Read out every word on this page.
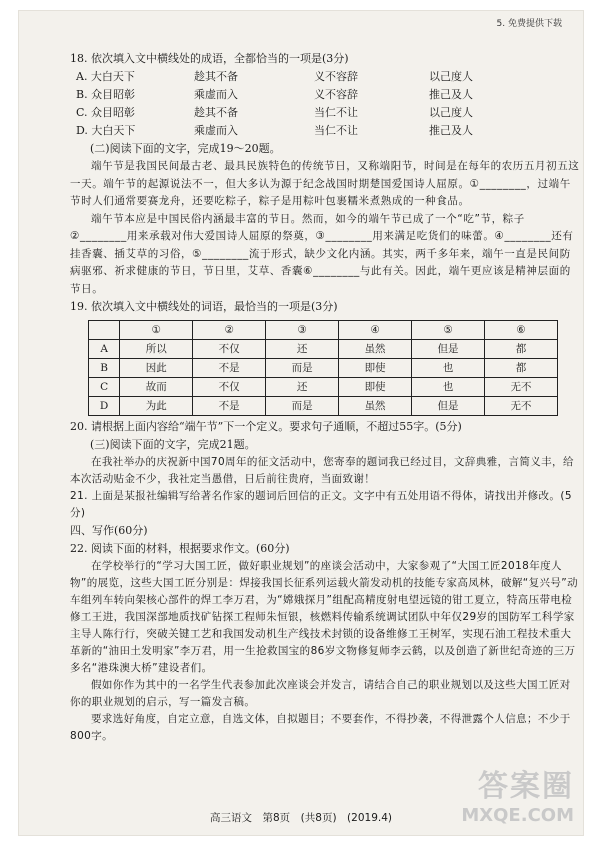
5. 免费提供下载
18. 依次填入文中横线处的成语，全都恰当的一项是(3分)
A. 大白天下	趁其不备	义不容辞	以己度人
B. 众目昭彰	乘虚而入	义不容辞	推己及人
C. 众目昭彰	趁其不备	当仁不让	以己度人
D. 大白天下	乘虚而入	当仁不让	推己及人
(二)阅读下面的文字，完成19～20题。
端午节是我国民间最古老、最具民族特色的传统节日，又称端阳节，时间是在每年的农历五月初五这一天。端午节的起源说法不一，但大多认为源于纪念战国时期楚国爱国诗人屈原。①________，过端午节时人们通常要赛龙舟，还要吃粽子，粽子是用粽叶包裹糯米煮熟成的一种食品。
端午节本应是中国民俗内涵最丰富的节日。然而，如今的端午节已成了一个“吃”节，粽子②________用来承载对伟大爱国诗人屈原的祭奠，③________用来满足吃货们的味蕾。④________还有挂香囊、插艾草的习俗，⑤________流于形式，缺少文化内涵。其实，两千多年来，端午一直是民间防病驱邪、祈求健康的节日，节日里，艾草、香囊⑥________与此有关。因此，端午更应该是精神层面的节日。
19. 依次填入文中横线处的词语，最恰当的一项是(3分)
	①	②	③	④	⑤	⑥
A	所以	不仅	还	虽然	但是	都
B	因此	不是	而是	即使	也	都
C	故而	不仅	还	即使	也	无不
D	为此	不是	而是	虽然	但是	无不
20. 请根据上面内容给“端午节”下一个定义。要求句子通顺，不超过55字。(5分)
(三)阅读下面的文字，完成21题。
在我社举办的庆祝新中国70周年的征文活动中，您寄奉的题词我已经过目，文辞典雅，言简义丰，给本次活动贴金不少，我社定当愚借，日后前往贵府，当面致谢！
21. 上面是某报社编辑写给著名作家的题词后回信的正文。文字中有五处用语不得体，请找出并修改。(5分)
四、写作(60分)
22. 阅读下面的材料，根据要求作文。(60分)
在学校举行的“学习大国工匠，做好职业规划”的座谈会活动中，大家参观了“大国工匠2018年度人物”的展览，这些大国工匠分别是：焊接我国长征系列运载火箭发动机的技能专家高凤林，破解“复兴号”动车组列车转向架核心部件的焊工李万君，为“嫦娥探月”组配高精度射电望远镜的钳工夏立，特高压带电检修工王进，我国深部地质找矿钻探工程师朱恒银，核燃料传输系统调试团队中年仅29岁的国防军工科学家主导人陈行行，突破关键工艺和我国发动机生产线技术封锁的设备维修工王树军，实现石油工程技术重大革新的“油田土发明家”李万君，用一生抢救国宝的86岁文物修复师李云鹤，以及创造了新世纪奇迹的三万多名“港珠澳大桥”建设者们。
假如你作为其中的一名学生代表参加此次座谈会并发言，请结合自己的职业规划以及这些大国工匠对你的职业规划的启示，写一篇发言稿。
要求选好角度，自定立意，自选文体，自拟题目；不要套作，不得抄袭，不得泄露个人信息；不少于800字。
高三语文　第8页　(共8页)　(2019.4)
答案圈
MXQE.COM
